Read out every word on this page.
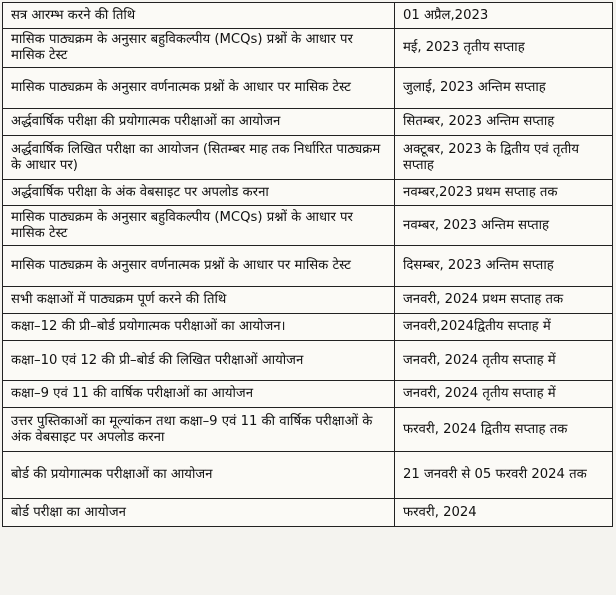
सत्र आरम्भ करने की तिथि	01 अप्रैल,2023
मासिक पाठ्यक्रम के अनुसार बहुविकल्पीय (MCQs) प्रश्नों के आधार पर मासिक टेस्ट	मई, 2023 तृतीय सप्ताह
मासिक पाठ्यक्रम के अनुसार वर्णनात्मक प्रश्नों के आधार पर मासिक टेस्ट	जुलाई, 2023 अन्तिम सप्ताह
अर्द्धवार्षिक परीक्षा की प्रयोगात्मक परीक्षाओं का आयोजन	सितम्बर, 2023 अन्तिम सप्ताह
अर्द्धवार्षिक लिखित परीक्षा का आयोजन (सितम्बर माह तक निर्धारित पाठ्यक्रम के आधार पर)	अक्टूबर, 2023 के द्वितीय एवं तृतीय सप्ताह
अर्द्धवार्षिक परीक्षा के अंक वेबसाइट पर अपलोड करना	नवम्बर,2023 प्रथम सप्ताह तक
मासिक पाठ्यक्रम के अनुसार बहुविकल्पीय (MCQs) प्रश्नों के आधार पर मासिक टेस्ट	नवम्बर, 2023 अन्तिम सप्ताह
मासिक पाठ्यक्रम के अनुसार वर्णनात्मक प्रश्नों के आधार पर मासिक टेस्ट	दिसम्बर, 2023 अन्तिम सप्ताह
सभी कक्षाओं में पाठ्यक्रम पूर्ण करने की तिथि	जनवरी, 2024 प्रथम सप्ताह तक
कक्षा–12 की प्री–बोर्ड प्रयोगात्मक परीक्षाओं का आयोजन।	जनवरी,2024द्वितीय सप्ताह में
कक्षा–10 एवं 12 की प्री–बोर्ड की लिखित परीक्षाओं आयोजन	जनवरी, 2024 तृतीय सप्ताह में
कक्षा–9 एवं 11 की वार्षिक परीक्षाओं का आयोजन	जनवरी, 2024 तृतीय सप्ताह में
उत्तर पुस्तिकाओं का मूल्यांकन तथा कक्षा–9 एवं 11 की वार्षिक परीक्षाओं के अंक वेबसाइट पर अपलोड करना	फरवरी, 2024 द्वितीय सप्ताह तक
बोर्ड की प्रयोगात्मक परीक्षाओं का आयोजन	21 जनवरी से 05 फरवरी 2024 तक
बोर्ड परीक्षा का आयोजन	फरवरी, 2024
